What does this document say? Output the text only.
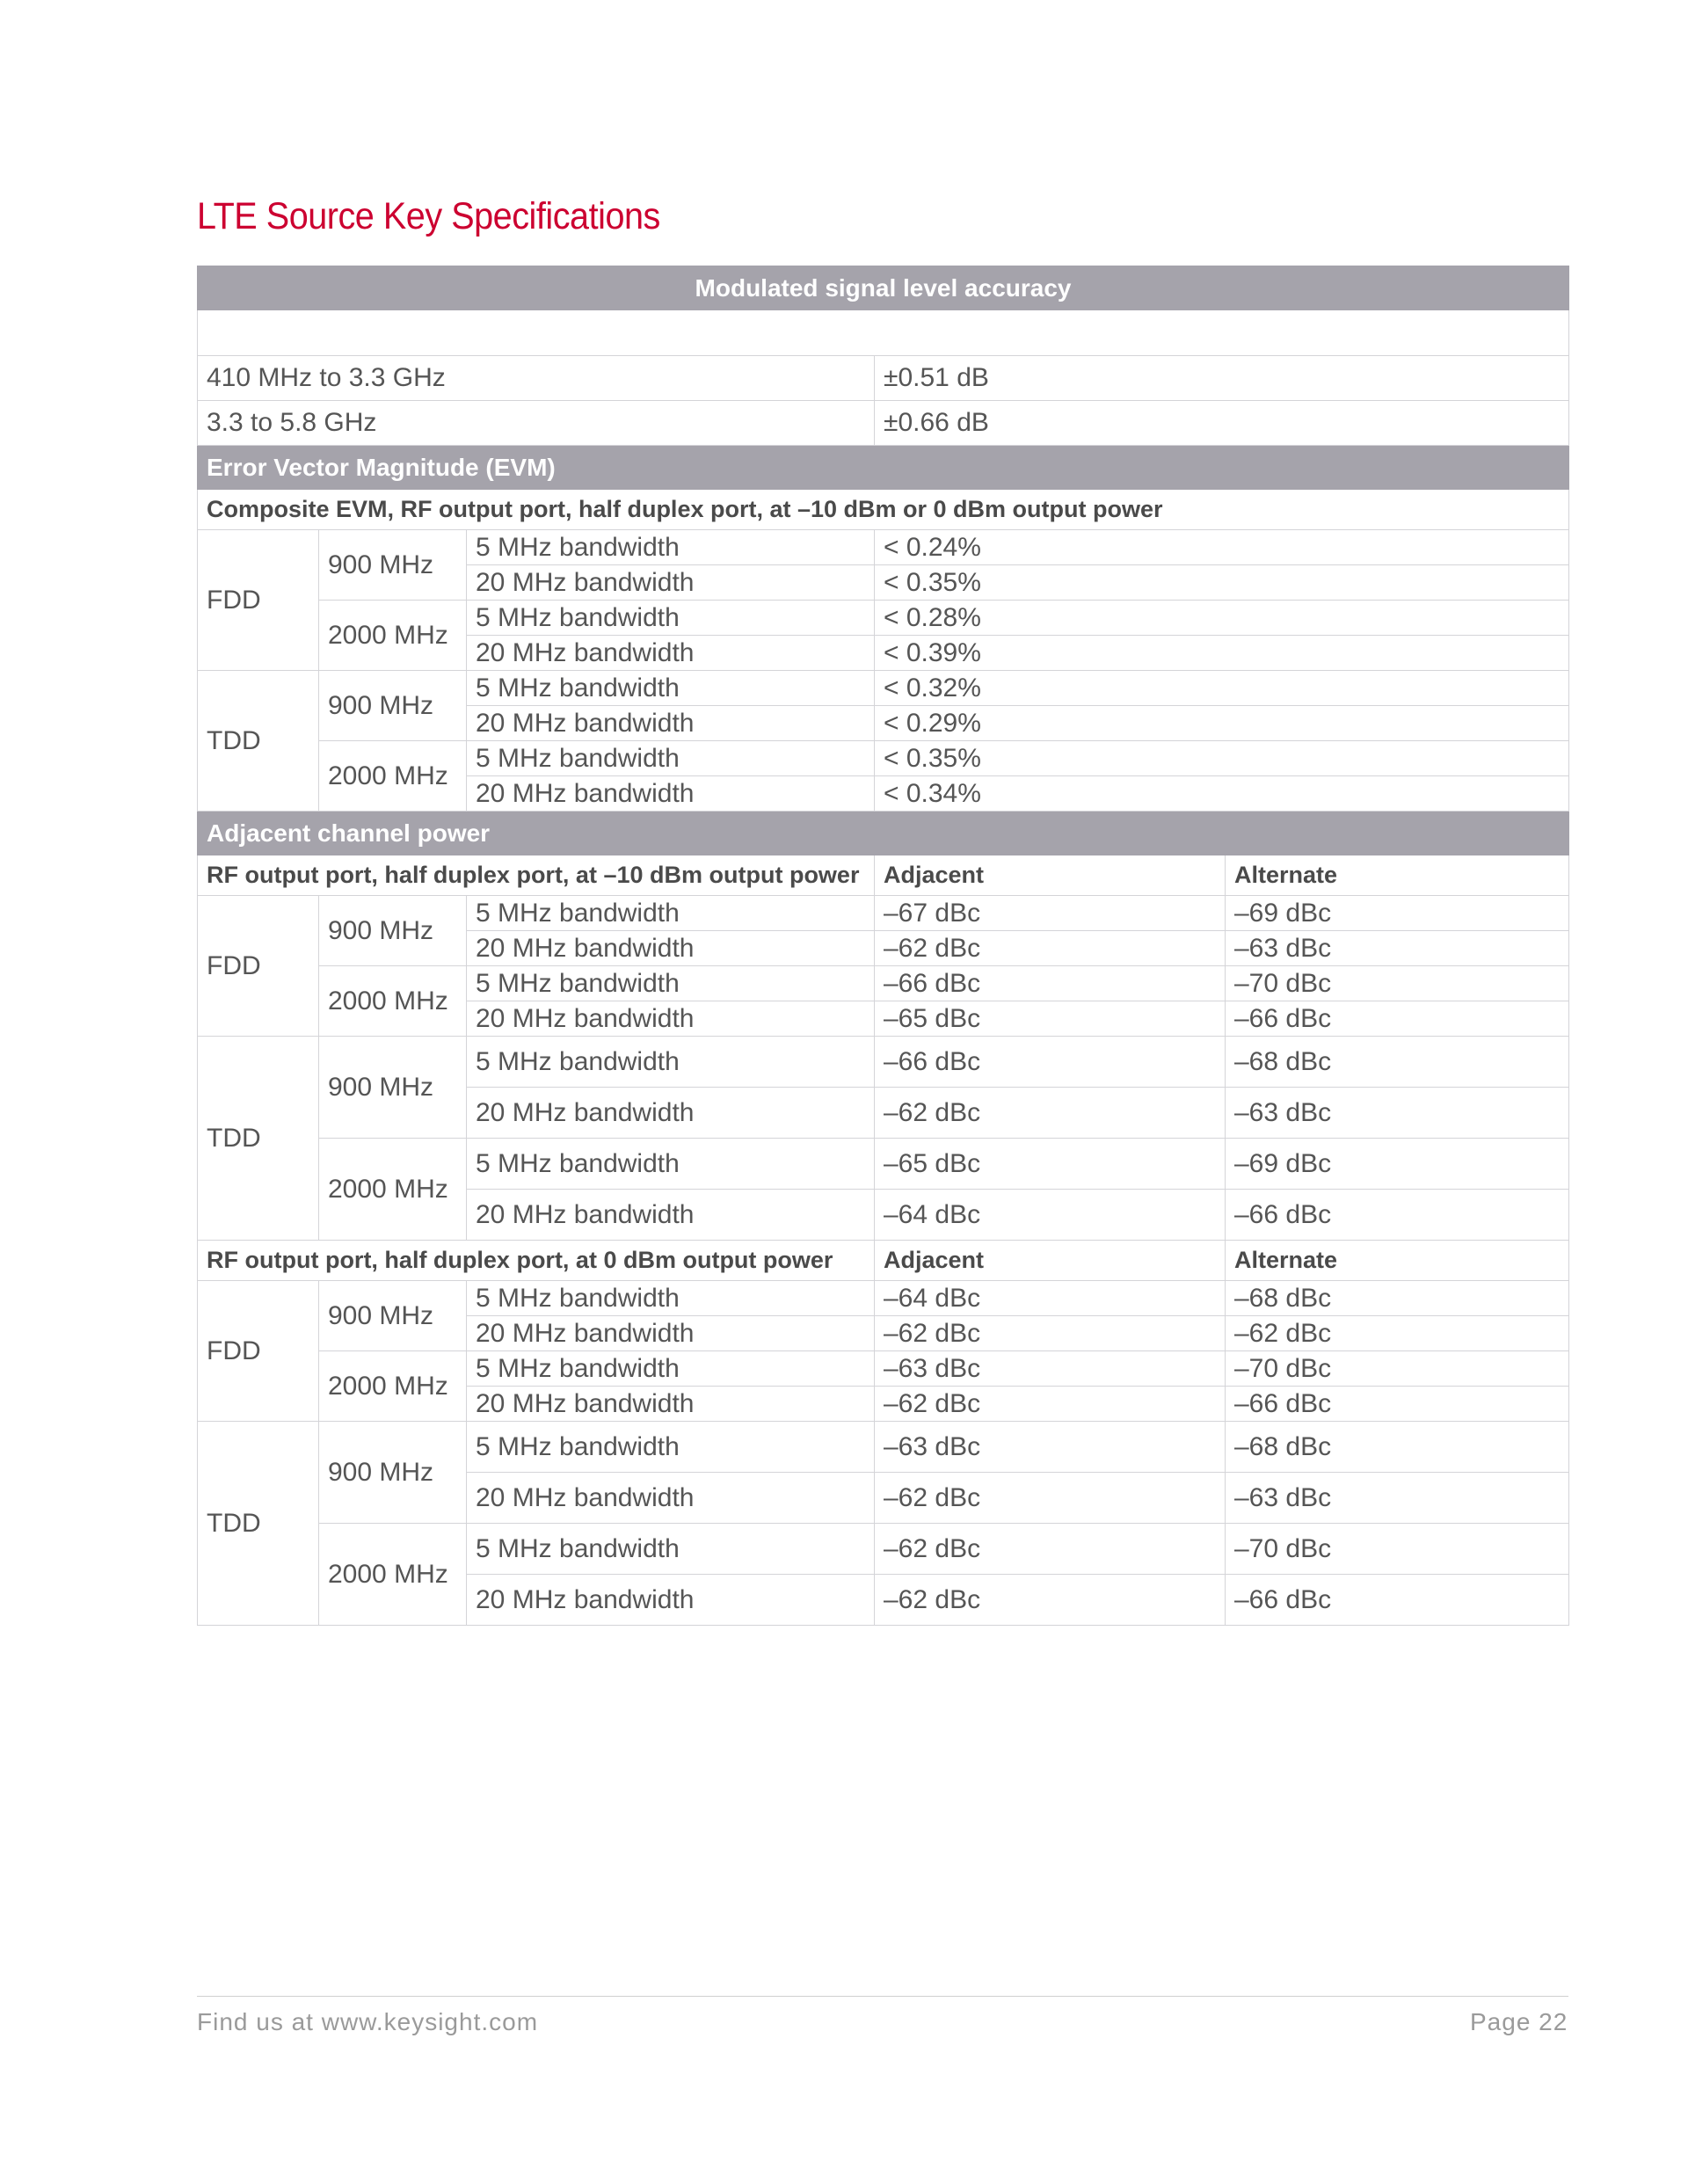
LTE Source Key Specifications
Modulated signal level accuracy				

410 MHz to 3.3 GHz			±0.51 dB	
3.3 to 5.8 GHz			±0.66 dB	
Error Vector Magnitude (EVM)				
Composite EVM, RF output port, half duplex port, at –10 dBm or 0 dBm output power				
FDD	900 MHz	5 MHz bandwidth	< 0.24%	
		20 MHz bandwidth	< 0.35%	
	2000 MHz	5 MHz bandwidth	< 0.28%	
		20 MHz bandwidth	< 0.39%	
TDD	900 MHz	5 MHz bandwidth	< 0.32%	
		20 MHz bandwidth	< 0.29%	
	2000 MHz	5 MHz bandwidth	< 0.35%	
		20 MHz bandwidth	< 0.34%	
Adjacent channel power				
RF output port, half duplex port, at –10 dBm output power			Adjacent	Alternate
FDD	900 MHz	5 MHz bandwidth	–67 dBc	–69 dBc
		20 MHz bandwidth	–62 dBc	–63 dBc
	2000 MHz	5 MHz bandwidth	–66 dBc	–70 dBc
		20 MHz bandwidth	–65 dBc	–66 dBc
TDD	900 MHz	5 MHz bandwidth	–66 dBc	–68 dBc
		20 MHz bandwidth	–62 dBc	–63 dBc
	2000 MHz	5 MHz bandwidth	–65 dBc	–69 dBc
		20 MHz bandwidth	–64 dBc	–66 dBc
RF output port, half duplex port, at 0 dBm output power			Adjacent	Alternate
FDD	900 MHz	5 MHz bandwidth	–64 dBc	–68 dBc
		20 MHz bandwidth	–62 dBc	–62 dBc
	2000 MHz	5 MHz bandwidth	–63 dBc	–70 dBc
		20 MHz bandwidth	–62 dBc	–66 dBc
TDD	900 MHz	5 MHz bandwidth	–63 dBc	–68 dBc
		20 MHz bandwidth	–62 dBc	–63 dBc
	2000 MHz	5 MHz bandwidth	–62 dBc	–70 dBc
		20 MHz bandwidth	–62 dBc	–66 dBc
Find us at www.keysight.com	Page 22
